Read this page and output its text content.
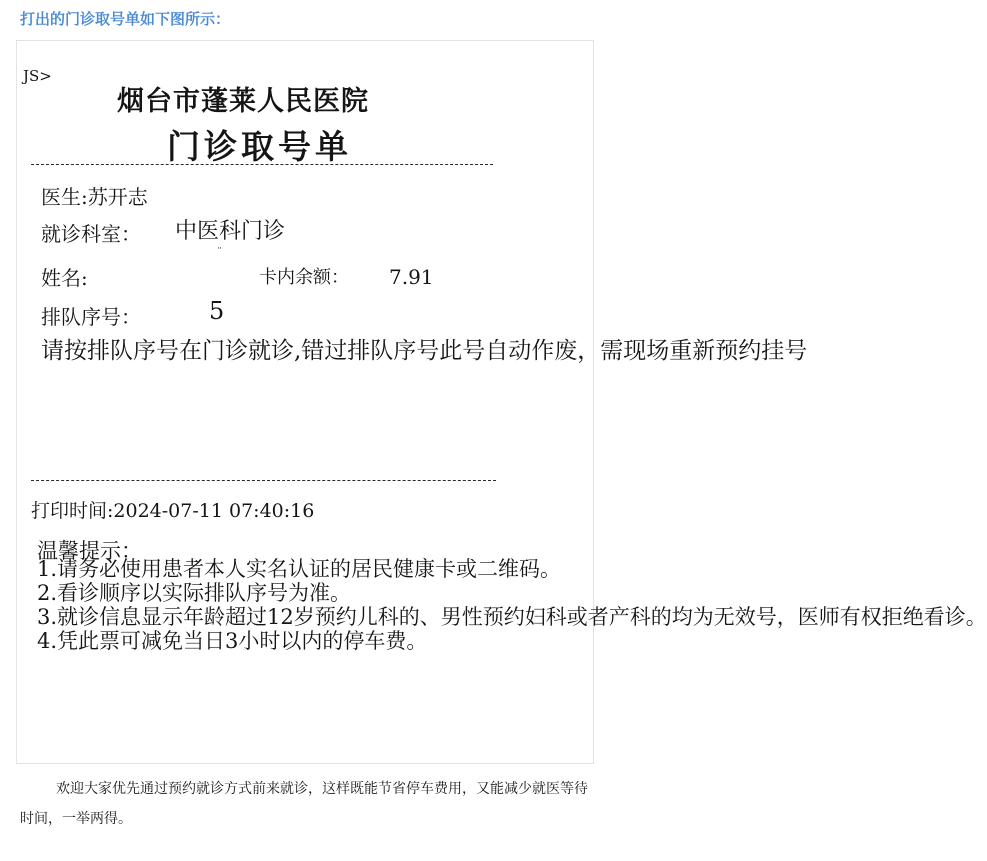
打出的门诊取号单如下图所示：
JS>
烟台市蓬莱人民医院
门诊取号单
医生:苏开志
就诊科室： 中医科门诊
姓名:
¨
卡内余额： 7.91
排队序号：	5
请按排队序号在门诊就诊,错过排队序号此号自动作废，需现场重新预约挂号
打印时间:2024-07-11 07:40:16
温馨提示：

1.请务必使用患者本人实名认证的居民健康卡或二维码。

2.看诊顺序以实际排队序号为准。

3.就诊信息显示年龄超过12岁预约儿科的、男性预约妇科或者产科的均为无效号，医师有权拒绝看诊。

4.凭此票可减免当日3小时以内的停车费。

欢迎大家优先通过预约就诊方式前来就诊，这样既能节省停车费用，又能减少就医等待时间，一举两得。
